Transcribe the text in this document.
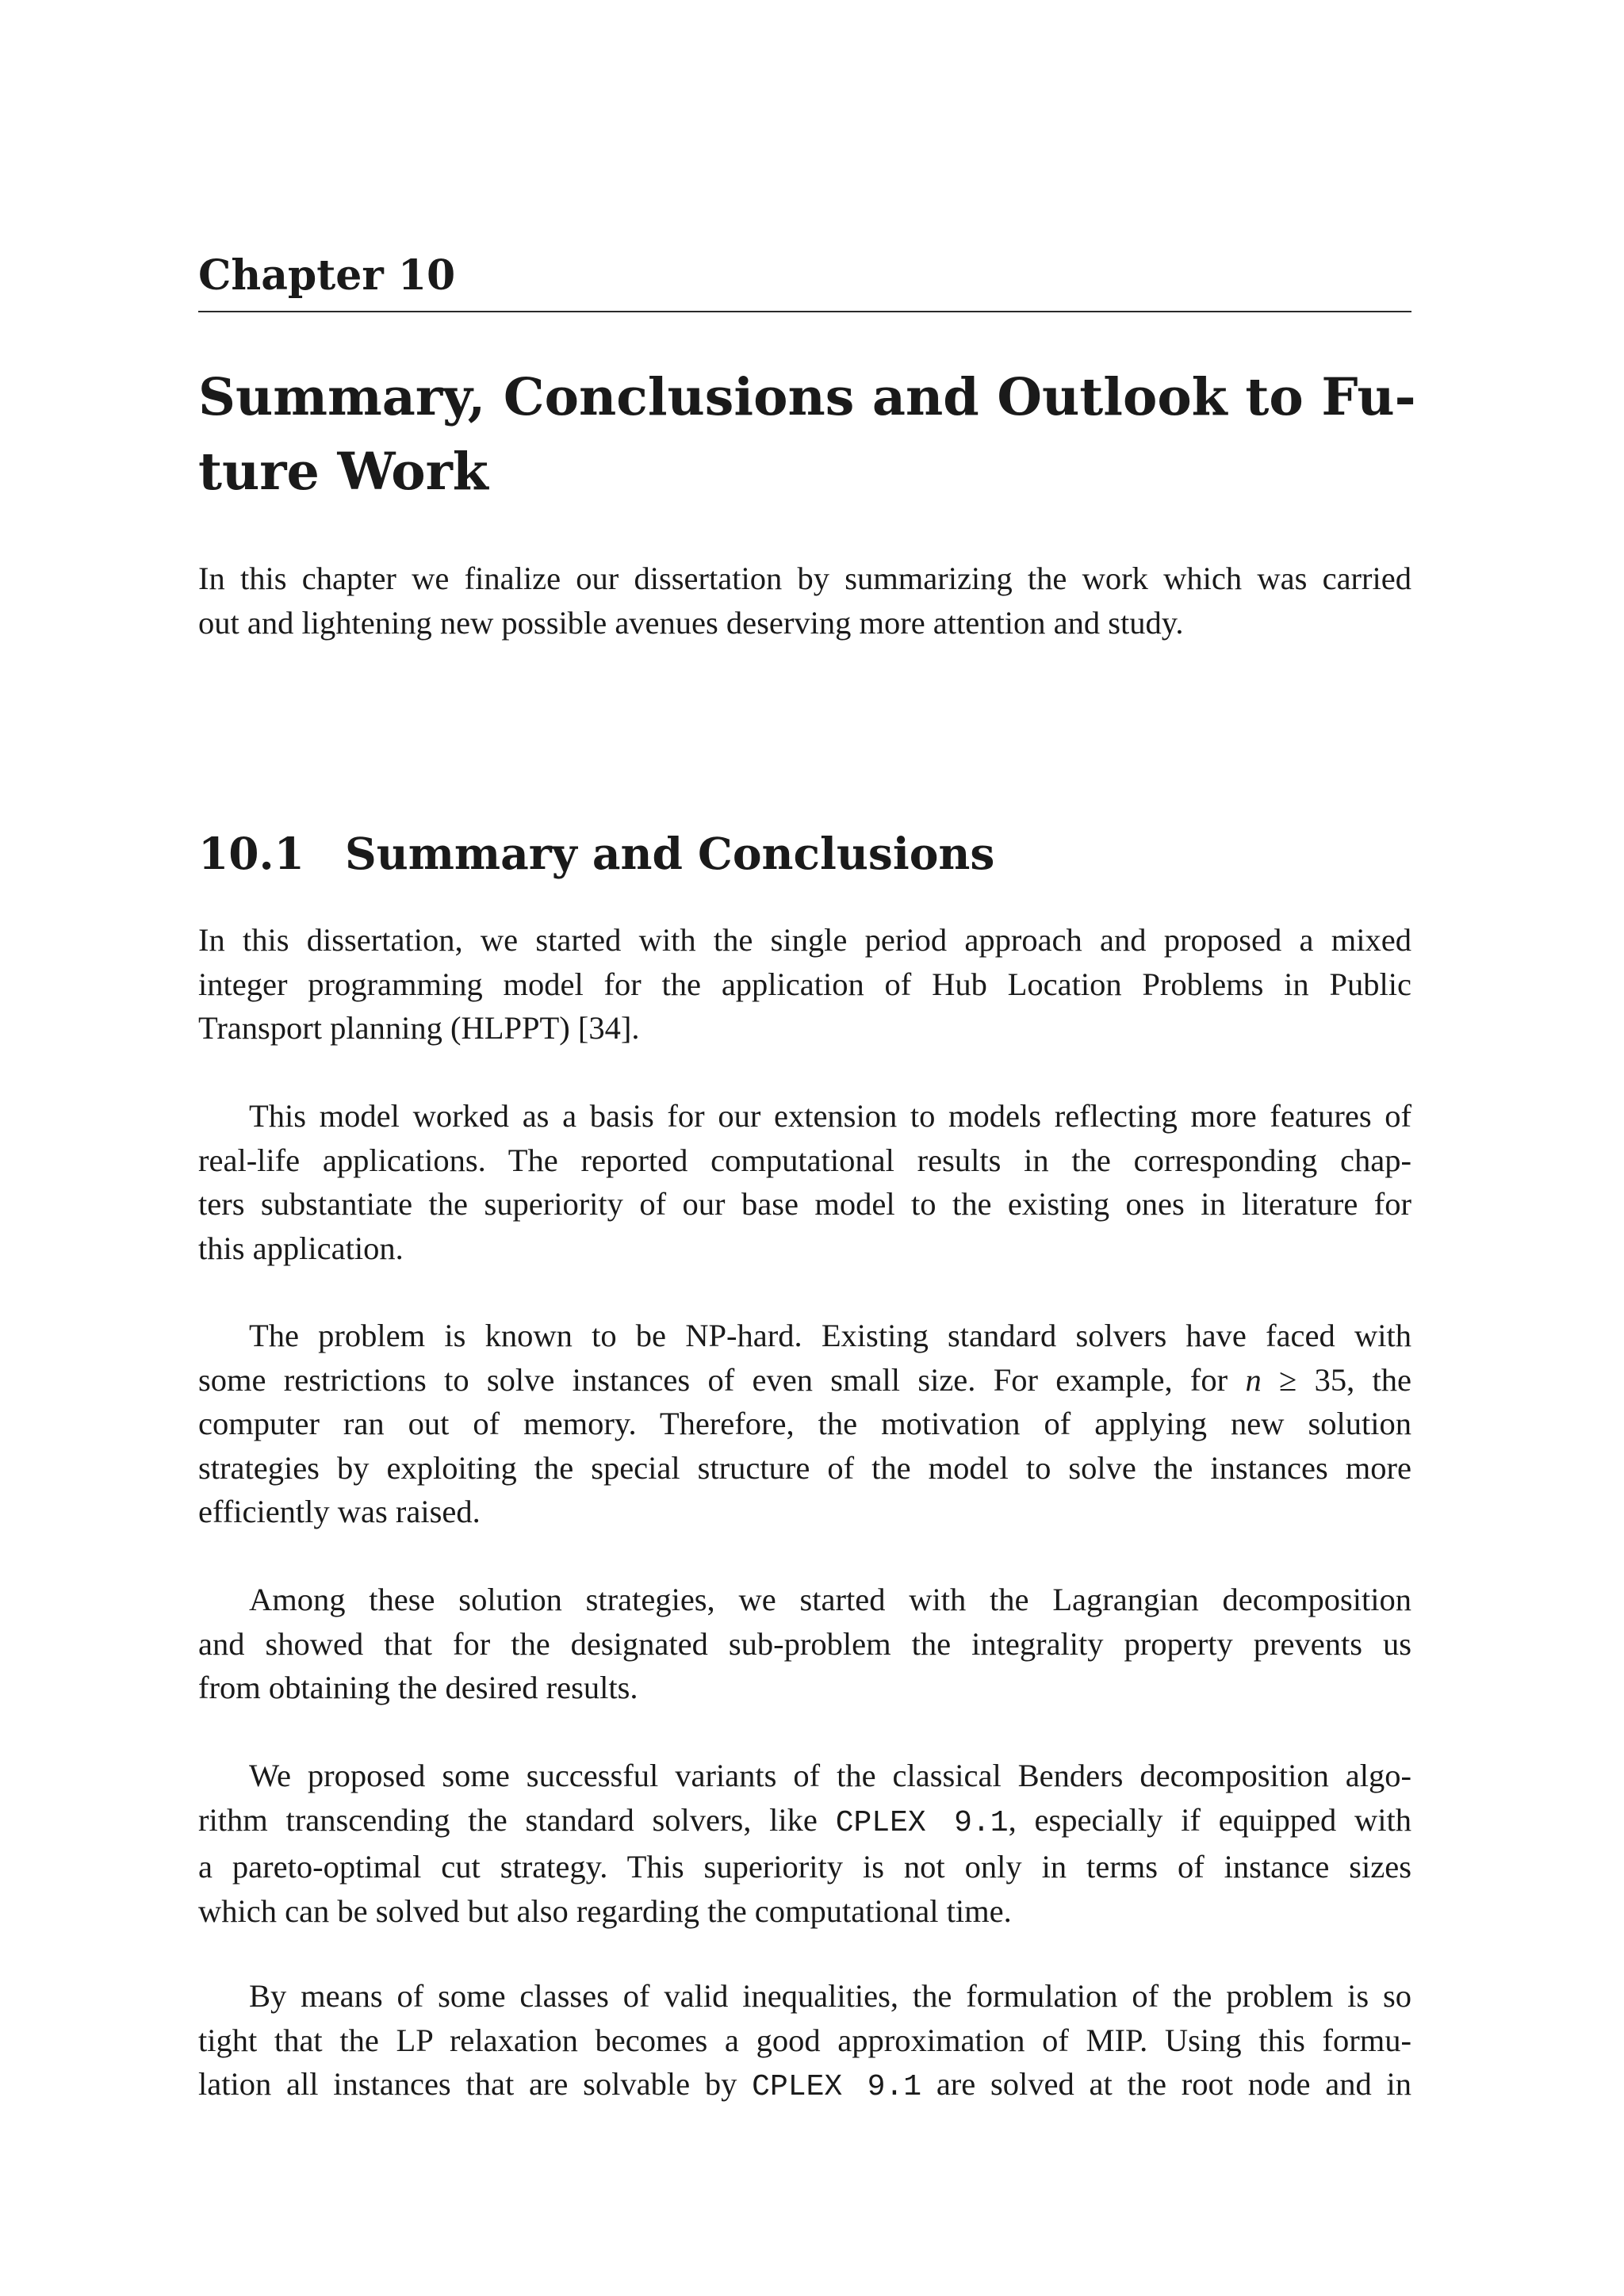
Chapter 10
Summary, Conclusions and Outlook to Fu-
ture Work

In this chapter we finalize our dissertation by summarizing the work which was carried
out and lightening new possible avenues deserving more attention and study.

10.1 Summary and Conclusions

In this dissertation, we started with the single period approach and proposed a mixed
integer programming model for the application of Hub Location Problems in Public
Transport planning (HLPPT) [34].

This model worked as a basis for our extension to models reflecting more features of
real-life applications. The reported computational results in the corresponding chap-
ters substantiate the superiority of our base model to the existing ones in literature for
this application.

The problem is known to be NP-hard. Existing standard solvers have faced with
some restrictions to solve instances of even small size. For example, for n ≥ 35, the
computer ran out of memory. Therefore, the motivation of applying new solution
strategies by exploiting the special structure of the model to solve the instances more
efficiently was raised.

Among these solution strategies, we started with the Lagrangian decomposition
and showed that for the designated sub-problem the integrality property prevents us
from obtaining the desired results.

We proposed some successful variants of the classical Benders decomposition algo-
rithm transcending the standard solvers, like CPLEX 9.1, especially if equipped with
a pareto-optimal cut strategy. This superiority is not only in terms of instance sizes
which can be solved but also regarding the computational time.

By means of some classes of valid inequalities, the formulation of the problem is so
tight that the LP relaxation becomes a good approximation of MIP. Using this formu-
lation all instances that are solvable by CPLEX 9.1 are solved at the root node and in
